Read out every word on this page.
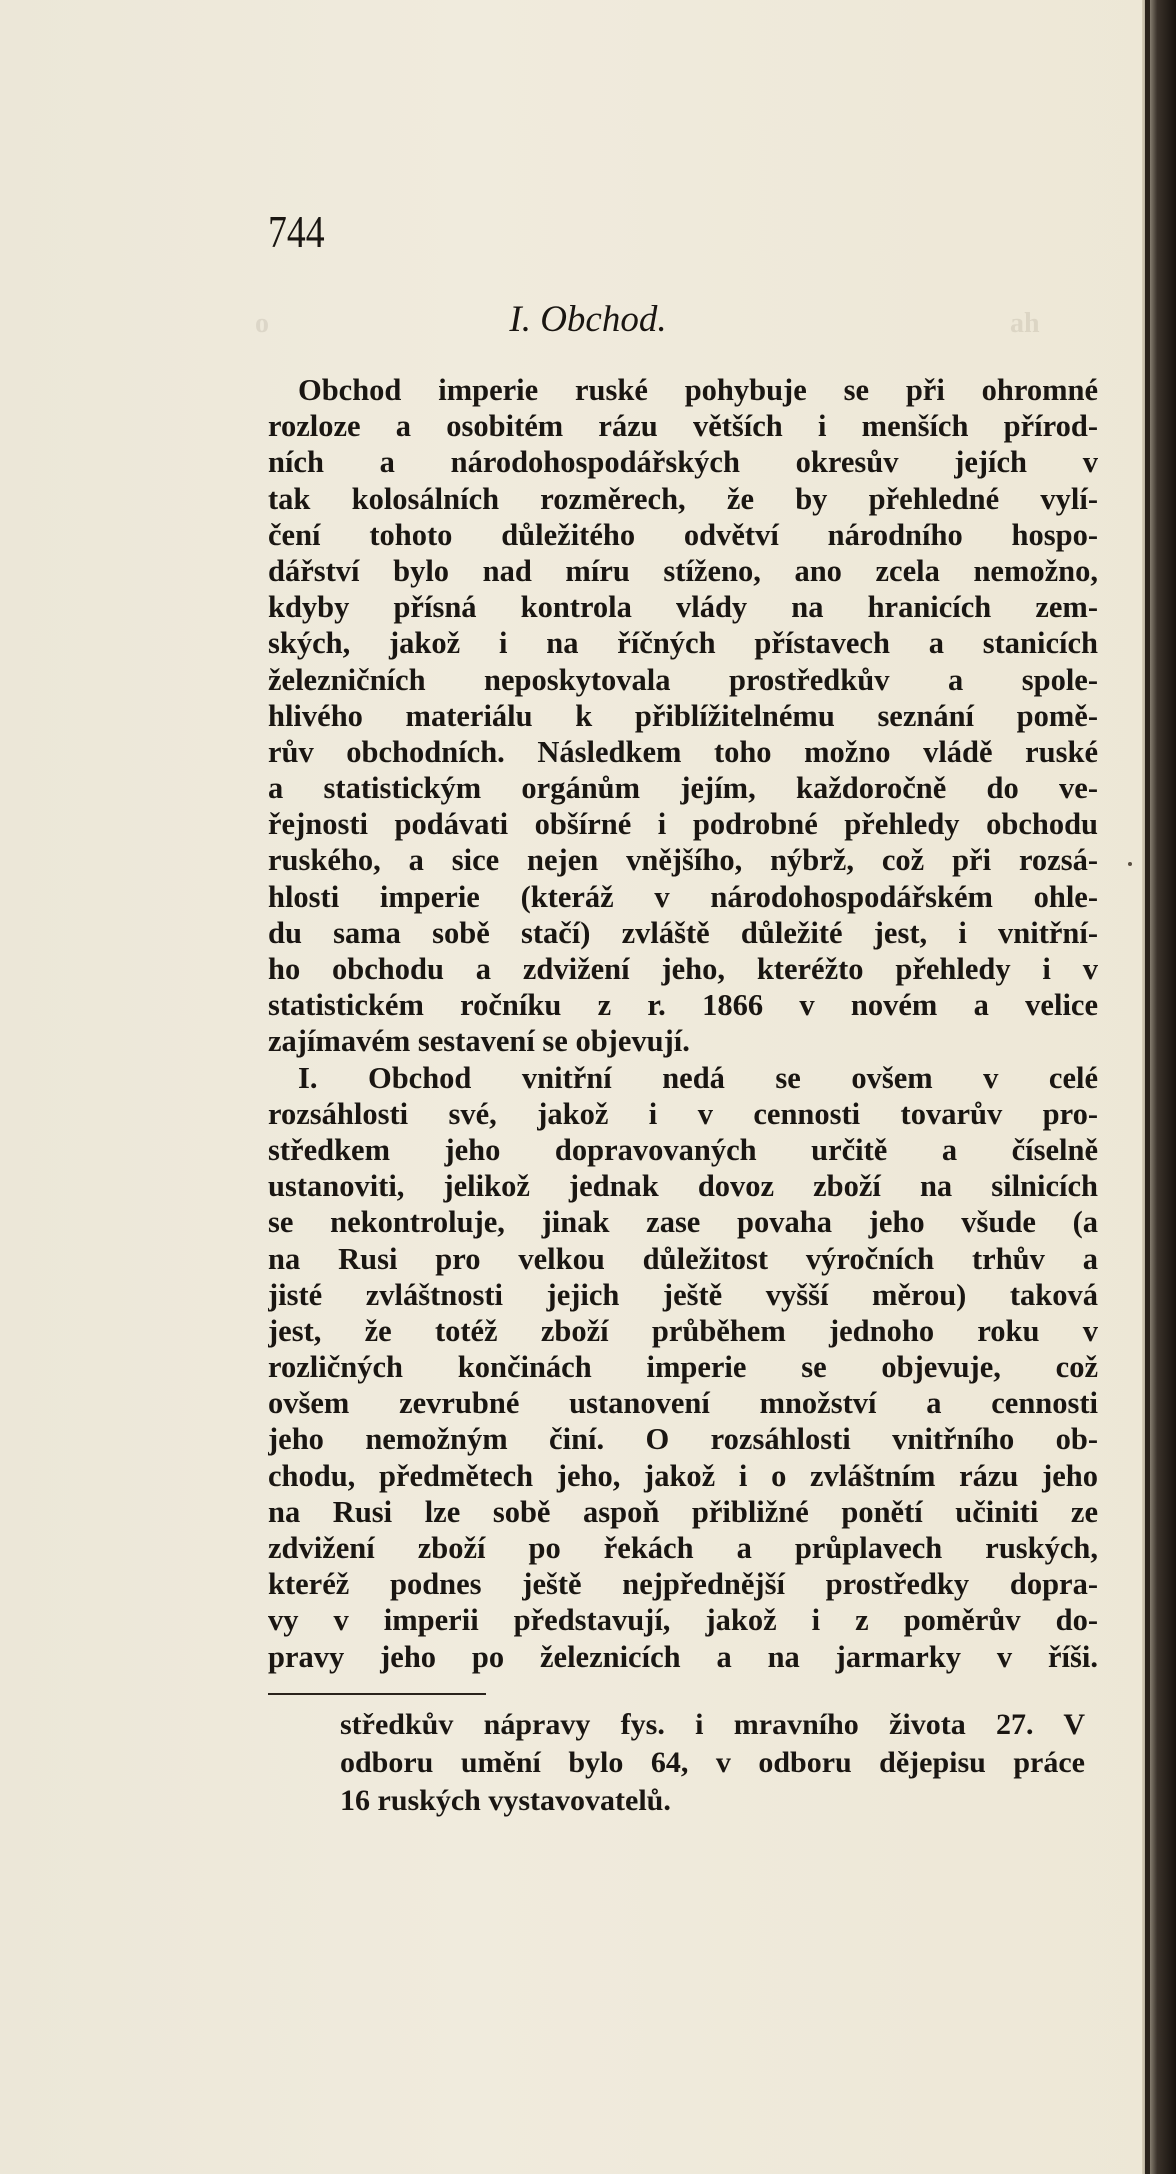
o	ah
744
I. Obchod.
Obchod imperie ruské pohybuje se při ohromné
rozloze a osobitém rázu větších i menších přírod-
ních a národohospodářských okresův jejích v
tak kolosálních rozměrech, že by přehledné vylí-
čení tohoto důležitého odvětví národního hospo-
dářství bylo nad míru stíženo, ano zcela nemožno,
kdyby přísná kontrola vlády na hranicích zem-
ských, jakož i na říčných přístavech a stanicích
železničních neposkytovala prostředkův a spole-
hlivého materiálu k přiblížitelnému seznání pomě-
rův obchodních. Následkem toho možno vládě ruské
a statistickým orgánům jejím, každoročně do ve-
řejnosti podávati obšírné i podrobné přehledy obchodu
ruského, a sice nejen vnějšího, nýbrž, což při rozsá-
hlosti imperie (kteráž v národohospodářském ohle-
du sama sobě stačí) zvláště důležité jest, i vnitřní-
ho obchodu a zdvižení jeho, kteréžto přehledy i v
statistickém ročníku z r. 1866 v novém a velice
zajímavém sestavení se objevují.
I. Obchod vnitřní nedá se ovšem v celé
rozsáhlosti své, jakož i v cennosti tovarův pro-
středkem jeho dopravovaných určitě a číselně
ustanoviti, jelikož jednak dovoz zboží na silnicích
se nekontroluje, jinak zase povaha jeho všude (a
na Rusi pro velkou důležitost výročních trhův a
jisté zvláštnosti jejich ještě vyšší měrou) taková
jest, že totéž zboží průběhem jednoho roku v
rozličných končinách imperie se objevuje, což
ovšem zevrubné ustanovení množství a cennosti
jeho nemožným činí. O rozsáhlosti vnitřního ob-
chodu, předmětech jeho, jakož i o zvláštním rázu jeho
na Rusi lze sobě aspoň přibližné ponětí učiniti ze
zdvižení zboží po řekách a průplavech ruských,
kteréž podnes ještě nejpřednější prostředky dopra-
vy v imperii představují, jakož i z poměrův do-
pravy jeho po železnicích a na jarmarky v říši.
středkův nápravy fys. i mravního života 27. V
odboru umění bylo 64, v odboru dějepisu práce
16 ruských vystavovatelů.
